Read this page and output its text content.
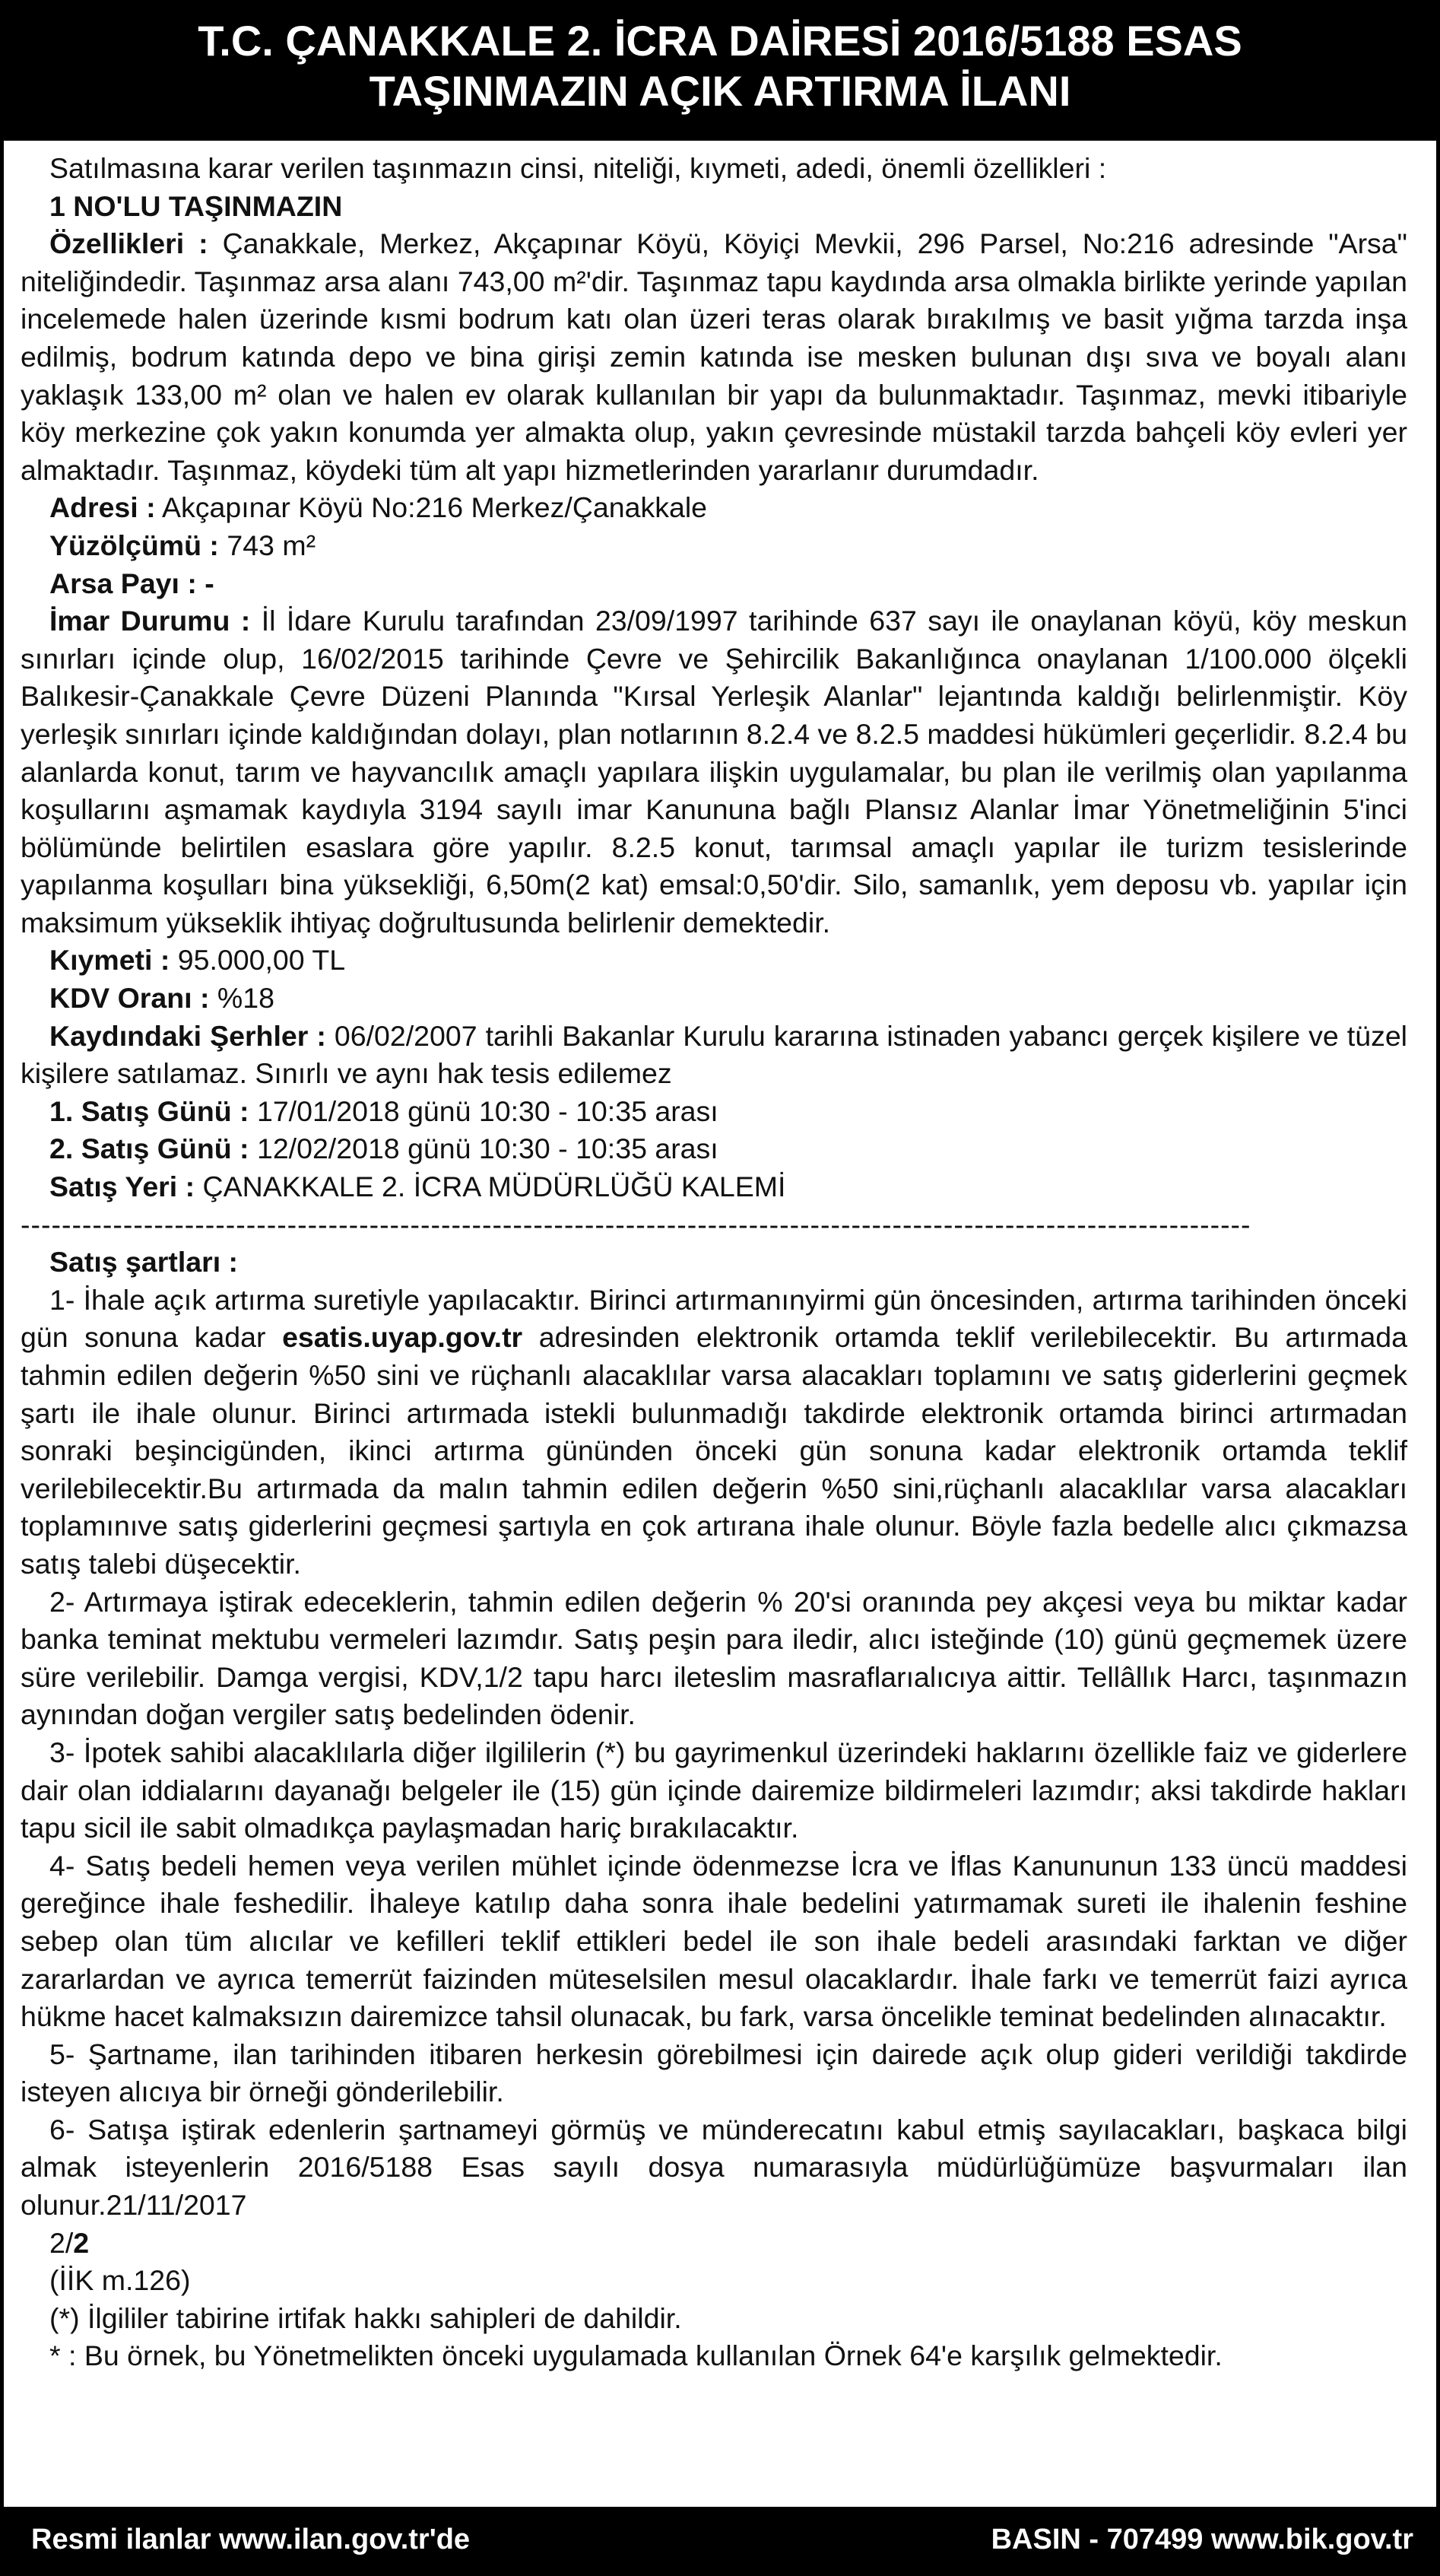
T.C. ÇANAKKALE 2. İCRA DAİRESİ 2016/5188 ESAS
TAŞINMAZIN AÇIK ARTIRMA İLANI

Satılmasına karar verilen taşınmazın cinsi, niteliği, kıymeti, adedi, önemli özellikleri :

1 NO'LU TAŞINMAZIN

Özellikleri : Çanakkale, Merkez, Akçapınar Köyü, Köyiçi Mevkii, 296 Parsel, No:216 adresinde "Arsa" niteliğindedir. Taşınmaz arsa alanı 743,00 m²'dir. Taşınmaz tapu kaydında arsa olmakla birlikte yerinde yapılan incelemede halen üzerinde kısmi bodrum katı olan üzeri teras olarak bırakılmış ve basit yığma tarzda inşa edilmiş, bodrum katında depo ve bina girişi zemin katında ise mesken bulunan dışı sıva ve boyalı alanı yaklaşık 133,00 m² olan ve halen ev olarak kullanılan bir yapı da bulunmaktadır. Taşınmaz, mevki itibariyle köy merkezine çok yakın konumda yer almakta olup, yakın çevresinde müstakil tarzda bahçeli köy evleri yer almaktadır. Taşınmaz, köydeki tüm alt yapı hizmetlerinden yararlanır durumdadır.

Adresi : Akçapınar Köyü No:216 Merkez/Çanakkale

Yüzölçümü : 743 m²

Arsa Payı : -

İmar Durumu : İl İdare Kurulu tarafından 23/09/1997 tarihinde 637 sayı ile onaylanan köyü, köy meskun sınırları içinde olup, 16/02/2015 tarihinde Çevre ve Şehircilik Bakanlığınca onaylanan 1/100.000 ölçekli Balıkesir-Çanakkale Çevre Düzeni Planında "Kırsal Yerleşik Alanlar" lejantında kaldığı belirlenmiştir. Köy yerleşik sınırları içinde kaldığından dolayı, plan notlarının 8.2.4 ve 8.2.5 maddesi hükümleri geçerlidir. 8.2.4 bu alanlarda konut, tarım ve hayvancılık amaçlı yapılara ilişkin uygulamalar, bu plan ile verilmiş olan yapılanma koşullarını aşmamak kaydıyla 3194 sayılı imar Kanununa bağlı Plansız Alanlar İmar Yönetmeliğinin 5'inci bölümünde belirtilen esaslara göre yapılır. 8.2.5 konut, tarımsal amaçlı yapılar ile turizm tesislerinde yapılanma koşulları bina yüksekliği, 6,50m(2 kat) emsal:0,50'dir. Silo, samanlık, yem deposu vb. yapılar için maksimum yükseklik ihtiyaç doğrultusunda belirlenir demektedir.

Kıymeti : 95.000,00 TL

KDV Oranı : %18

Kaydındaki Şerhler : 06/02/2007 tarihli Bakanlar Kurulu kararına istinaden yabancı gerçek kişilere ve tüzel kişilere satılamaz. Sınırlı ve aynı hak tesis edilemez

1. Satış Günü : 17/01/2018 günü 10:30 - 10:35 arası

2. Satış Günü : 12/02/2018 günü 10:30 - 10:35 arası

Satış Yeri : ÇANAKKALE 2. İCRA MÜDÜRLÜĞÜ KALEMİ

------------------------------------------------------------------------------------------------------------------------

Satış şartları :

1- İhale açık artırma suretiyle yapılacaktır. Birinci artırmanınyirmi gün öncesinden, artırma tarihinden önceki gün sonuna kadar esatis.uyap.gov.tr adresinden elektronik ortamda teklif verilebilecektir. Bu artırmada tahmin edilen değerin %50 sini ve rüçhanlı alacaklılar varsa alacakları toplamını ve satış giderlerini geçmek şartı ile ihale olunur. Birinci artırmada istekli bulunmadığı takdirde elektronik ortamda birinci artırmadan sonraki beşincigünden, ikinci artırma gününden önceki gün sonuna kadar elektronik ortamda teklif verilebilecektir.Bu artırmada da malın tahmin edilen değerin %50 sini,rüçhanlı alacaklılar varsa alacakları toplamınıve satış giderlerini geçmesi şartıyla en çok artırana ihale olunur. Böyle fazla bedelle alıcı çıkmazsa satış talebi düşecektir.

2- Artırmaya iştirak edeceklerin, tahmin edilen değerin % 20'si oranında pey akçesi veya bu miktar kadar banka teminat mektubu vermeleri lazımdır. Satış peşin para iledir, alıcı isteğinde (10) günü geçmemek üzere süre verilebilir. Damga vergisi, KDV,1/2 tapu harcı ileteslim masraflarıalıcıya aittir. Tellâllık Harcı, taşınmazın aynından doğan vergiler satış bedelinden ödenir.

3- İpotek sahibi alacaklılarla diğer ilgililerin (*) bu gayrimenkul üzerindeki haklarını özellikle faiz ve giderlere dair olan iddialarını dayanağı belgeler ile (15) gün içinde dairemize bildirmeleri lazımdır; aksi takdirde hakları tapu sicil ile sabit olmadıkça paylaşmadan hariç bırakılacaktır.

4- Satış bedeli hemen veya verilen mühlet içinde ödenmezse İcra ve İflas Kanununun 133 üncü maddesi gereğince ihale feshedilir. İhaleye katılıp daha sonra ihale bedelini yatırmamak sureti ile ihalenin feshine sebep olan tüm alıcılar ve kefilleri teklif ettikleri bedel ile son ihale bedeli arasındaki farktan ve diğer zararlardan ve ayrıca temerrüt faizinden müteselsilen mesul olacaklardır. İhale farkı ve temerrüt faizi ayrıca hükme hacet kalmaksızın dairemizce tahsil olunacak, bu fark, varsa öncelikle teminat bedelinden alınacaktır.

5- Şartname, ilan tarihinden itibaren herkesin görebilmesi için dairede açık olup gideri verildiği takdirde isteyen alıcıya bir örneği gönderilebilir.

6- Satışa iştirak edenlerin şartnameyi görmüş ve münderecatını kabul etmiş sayılacakları, başkaca bilgi almak isteyenlerin 2016/5188 Esas sayılı dosya numarasıyla müdürlüğümüze başvurmaları ilan olunur.21/11/2017

2/2

(İİK m.126)

(*) İlgililer tabirine irtifak hakkı sahipleri de dahildir.

* : Bu örnek, bu Yönetmelikten önceki uygulamada kullanılan Örnek 64'e karşılık gelmektedir.

Resmi ilanlar www.ilan.gov.tr'de	BASIN - 707499 www.bik.gov.tr
